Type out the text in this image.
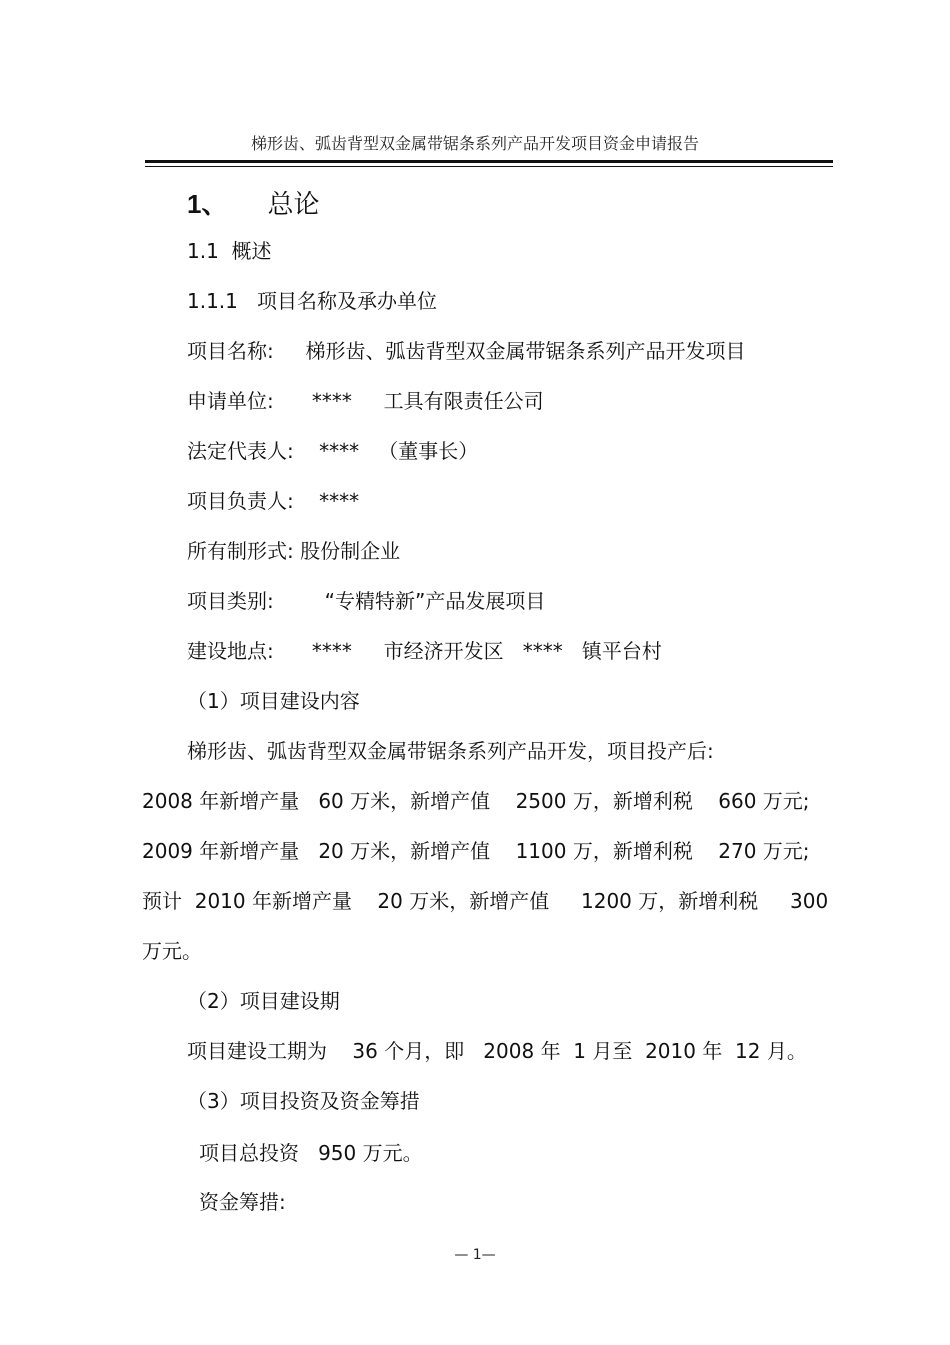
梯形齿、弧齿背型双金属带锯条系列产品开发项目资金申请报告
1、 总论
1.1  概述
1.1.1   项目名称及承办单位
项目名称:     梯形齿、弧齿背型双金属带锯条系列产品开发项目
申请单位:      ****     工具有限责任公司
法定代表人:    ****   （董事长）
项目负责人:    ****
所有制形式: 股份制企业
项目类别:        “专精特新”产品发展项目
建设地点:      ****     市经济开发区   ****   镇平台村
（1）项目建设内容
梯形齿、弧齿背型双金属带锯条系列产品开发，项目投产后:
2008 年新增产量   60 万米，新增产值    2500 万，新增利税    660 万元;
2009 年新增产量   20 万米，新增产值    1100 万，新增利税    270 万元;
预计  2010 年新增产量    20 万米，新增产值     1200 万，新增利税     300
万元。
（2）项目建设期
项目建设工期为    36 个月，即   2008 年  1 月至  2010 年  12 月。
（3）项目投资及资金筹措
项目总投资   950 万元。
资金筹措:
— 1—
